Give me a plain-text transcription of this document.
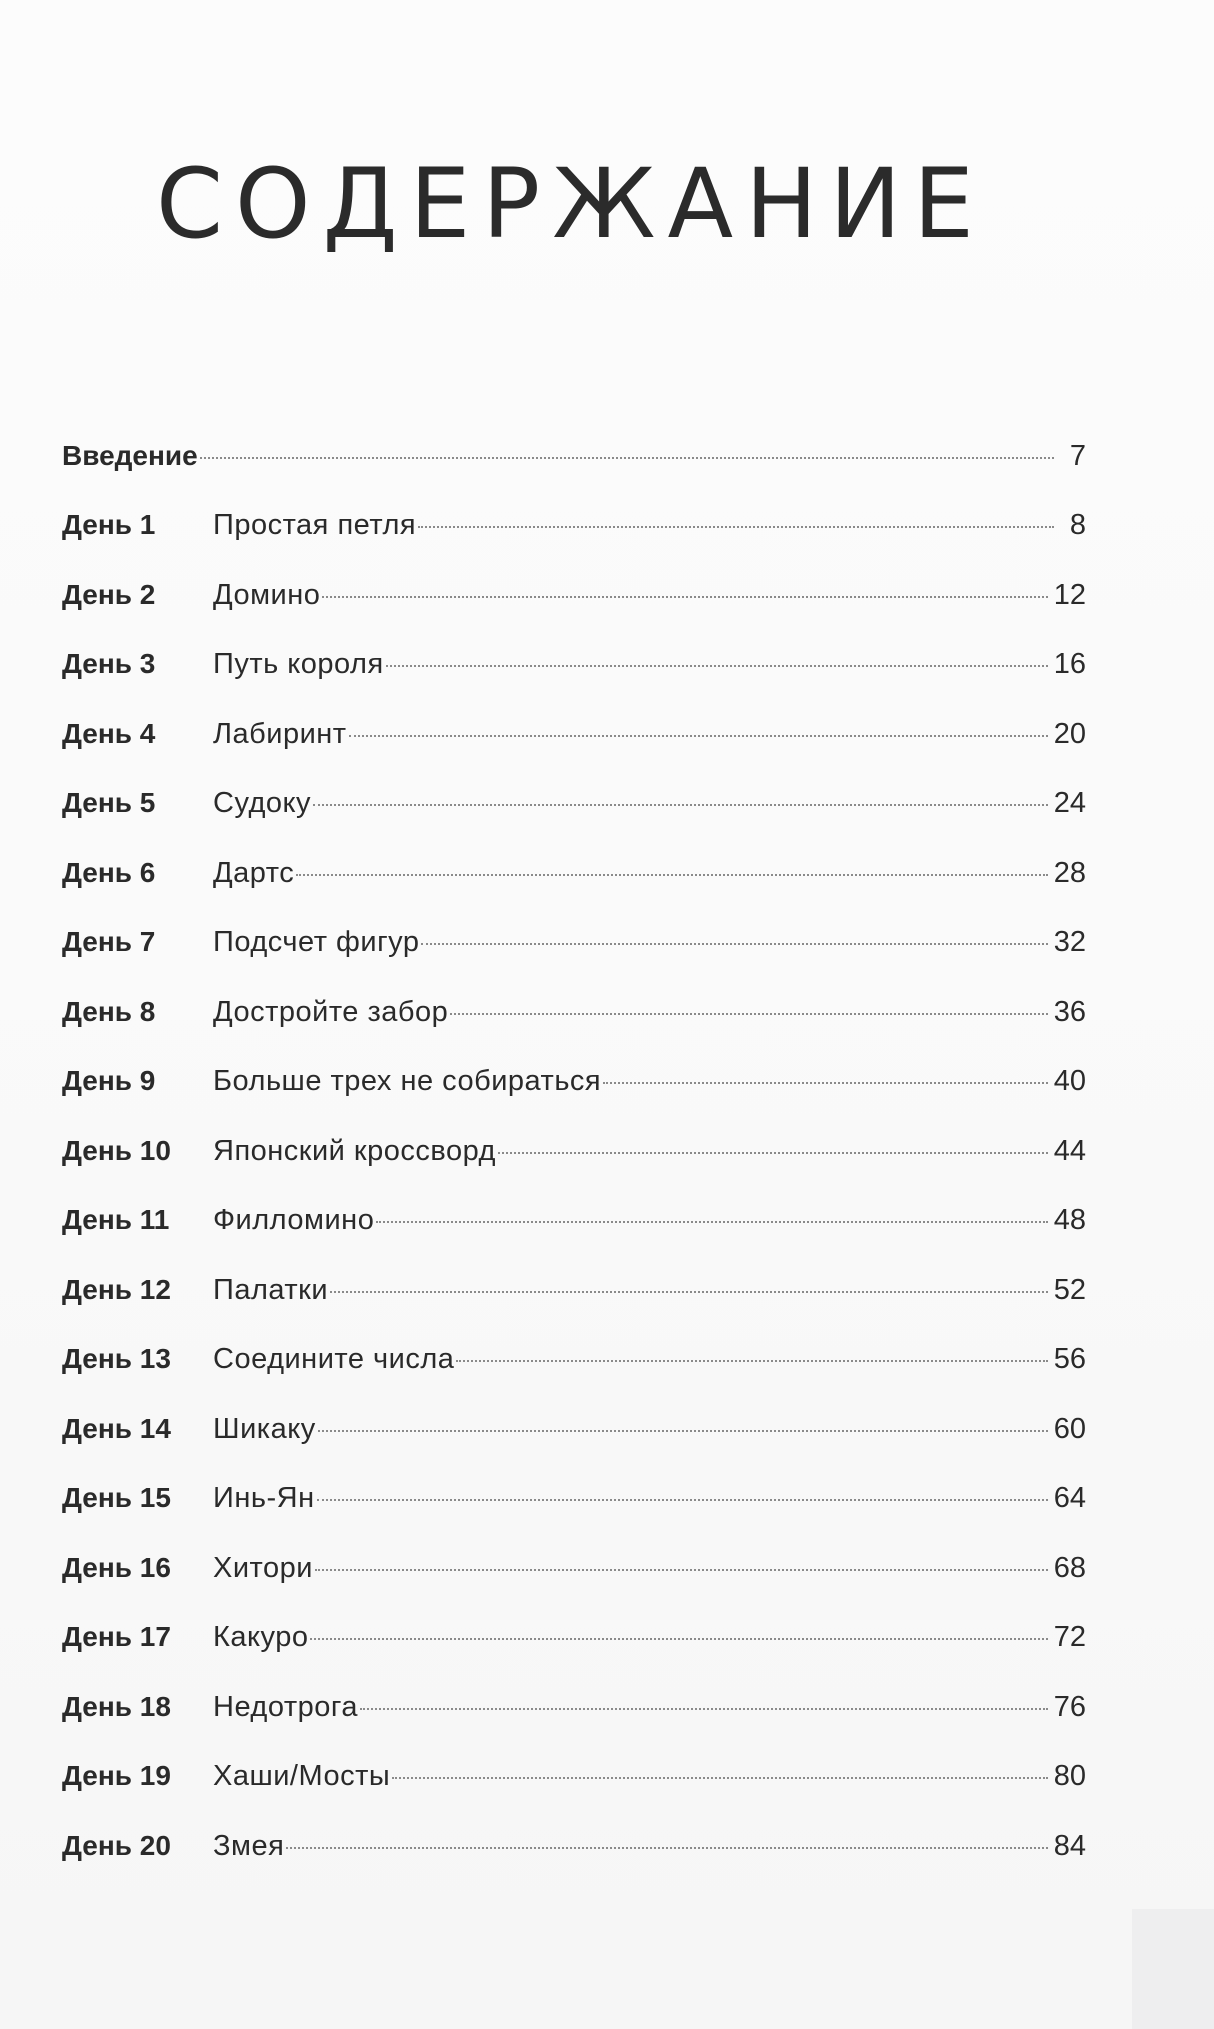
СОДЕРЖАНИЕ
Введение	7
День 1	Простая петля	8
День 2	Домино	12
День 3	Путь короля	16
День 4	Лабиринт	20
День 5	Судоку	24
День 6	Дартс	28
День 7	Подсчет фигур	32
День 8	Достройте забор	36
День 9	Больше трех не собираться	40
День 10	Японский кроссворд	44
День 11	Филломино	48
День 12	Палатки	52
День 13	Соедините числа	56
День 14	Шикаку	60
День 15	Инь-Ян	64
День 16	Хитори	68
День 17	Какуро	72
День 18	Недотрога	76
День 19	Хаши/Мосты	80
День 20	Змея	84
